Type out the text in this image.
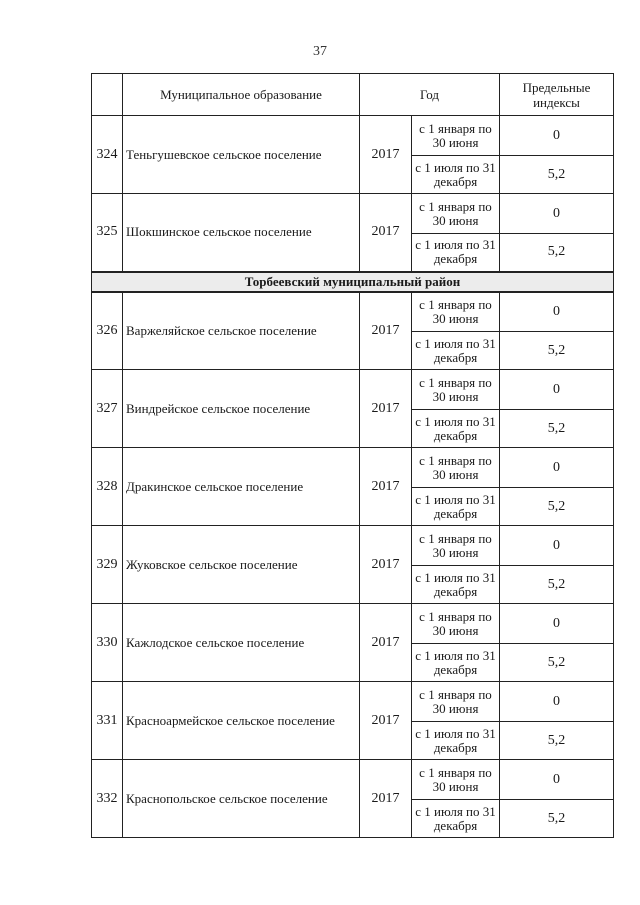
37
	Муниципальное образование	Год		Предельные индексы
324	Теньгушевское сельское поселение	2017	с 1 января по 30 июня	0
			с 1 июля по 31 декабря	5,2
325	Шокшинское сельское поселение	2017	с 1 января по 30 июня	0
			с 1 июля по 31 декабря	5,2
Торбеевский муниципальный район				
326	Варжеляйское сельское поселение	2017	с 1 января по 30 июня	0
			с 1 июля по 31 декабря	5,2
327	Виндрейское сельское поселение	2017	с 1 января по 30 июня	0
			с 1 июля по 31 декабря	5,2
328	Дракинское сельское поселение	2017	с 1 января по 30 июня	0
			с 1 июля по 31 декабря	5,2
329	Жуковское сельское поселение	2017	с 1 января по 30 июня	0
			с 1 июля по 31 декабря	5,2
330	Кажлодское сельское поселение	2017	с 1 января по 30 июня	0
			с 1 июля по 31 декабря	5,2
331	Красноармейское сельское поселение	2017	с 1 января по 30 июня	0
			с 1 июля по 31 декабря	5,2
332	Краснопольское сельское поселение	2017	с 1 января по 30 июня	0
			с 1 июля по 31 декабря	5,2
